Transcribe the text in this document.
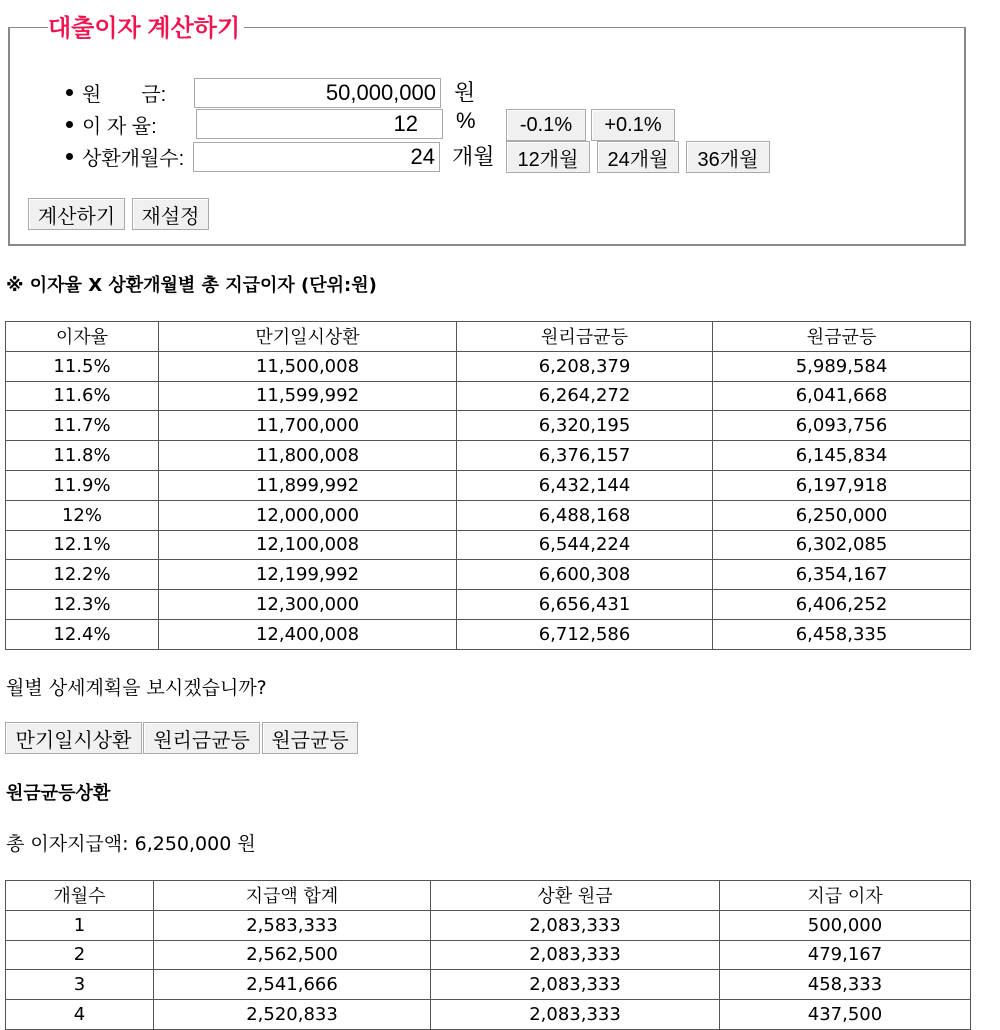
대출이자 계산하기
원　　금:
이 자 율:
상환개월수:
50,000,000
12
24
원
%
개월
-0.1%	+0.1%
12개월	24개월	36개월
계산하기	재설정
※ 이자율 X 상환개월별 총 지급이자 (단위:원)
이자율	만기일시상환	원리금균등	원금균등
11.5%	11,500,008	6,208,379	5,989,584
11.6%	11,599,992	6,264,272	6,041,668
11.7%	11,700,000	6,320,195	6,093,756
11.8%	11,800,008	6,376,157	6,145,834
11.9%	11,899,992	6,432,144	6,197,918
12%	12,000,000	6,488,168	6,250,000
12.1%	12,100,008	6,544,224	6,302,085
12.2%	12,199,992	6,600,308	6,354,167
12.3%	12,300,000	6,656,431	6,406,252
12.4%	12,400,008	6,712,586	6,458,335
월별 상세계획을 보시겠습니까?
만기일시상환	원리금균등	원금균등
원금균등상환
총 이자지급액: 6,250,000 원
개월수	지급액 합계	상환 원금	지급 이자
1	2,583,333	2,083,333	500,000
2	2,562,500	2,083,333	479,167
3	2,541,666	2,083,333	458,333
4	2,520,833	2,083,333	437,500
